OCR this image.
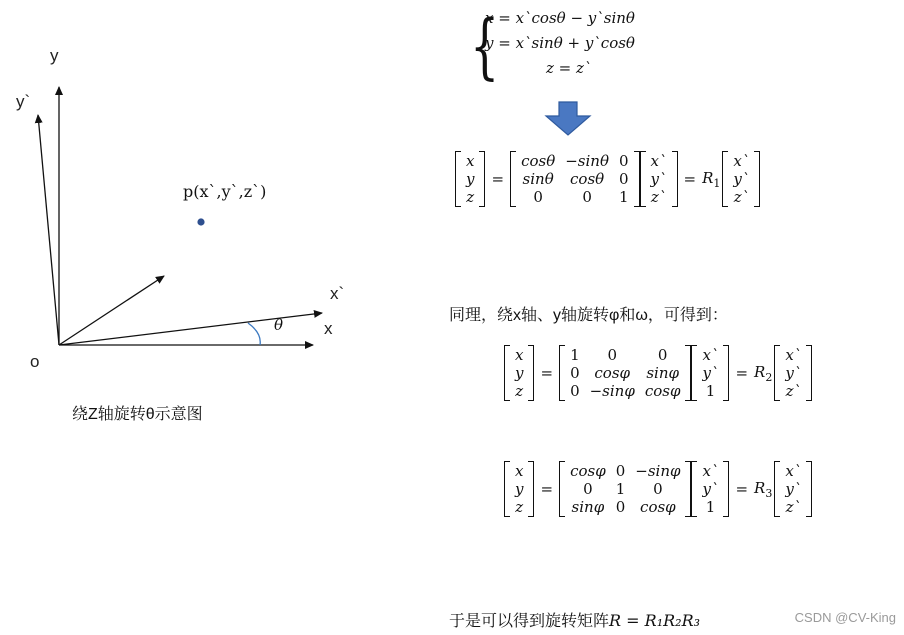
y
y`
x`
x
o
θ
p(x`,y`,z`)
绕Z轴旋转θ示意图
{
x = x`cosθ − y`sinθ
y = x`sinθ + y`cosθ
z = z`
x
y
z
=
cosθ −sinθ 0
sinθ	cosθ 0
0	0	1
x`
y`
z`
= $R_1$
x`
y`
z`
同理，绕x轴、y轴旋转φ和ω，可得到：
x
y
z
=
1	0	0
0 cosφ	sinφ
0 −sinφ cosφ
x`
y`
1
= $R_2$
x`
y`
z`
x
y
z
=
cosφ 0 −sinφ
0	1	0
sinφ 0 cosφ
x`
y`
1
= $R_3$
x`
y`
z`
于是可以得到旋转矩阵R = R₁R₂R₃	CSDN @CV-King
